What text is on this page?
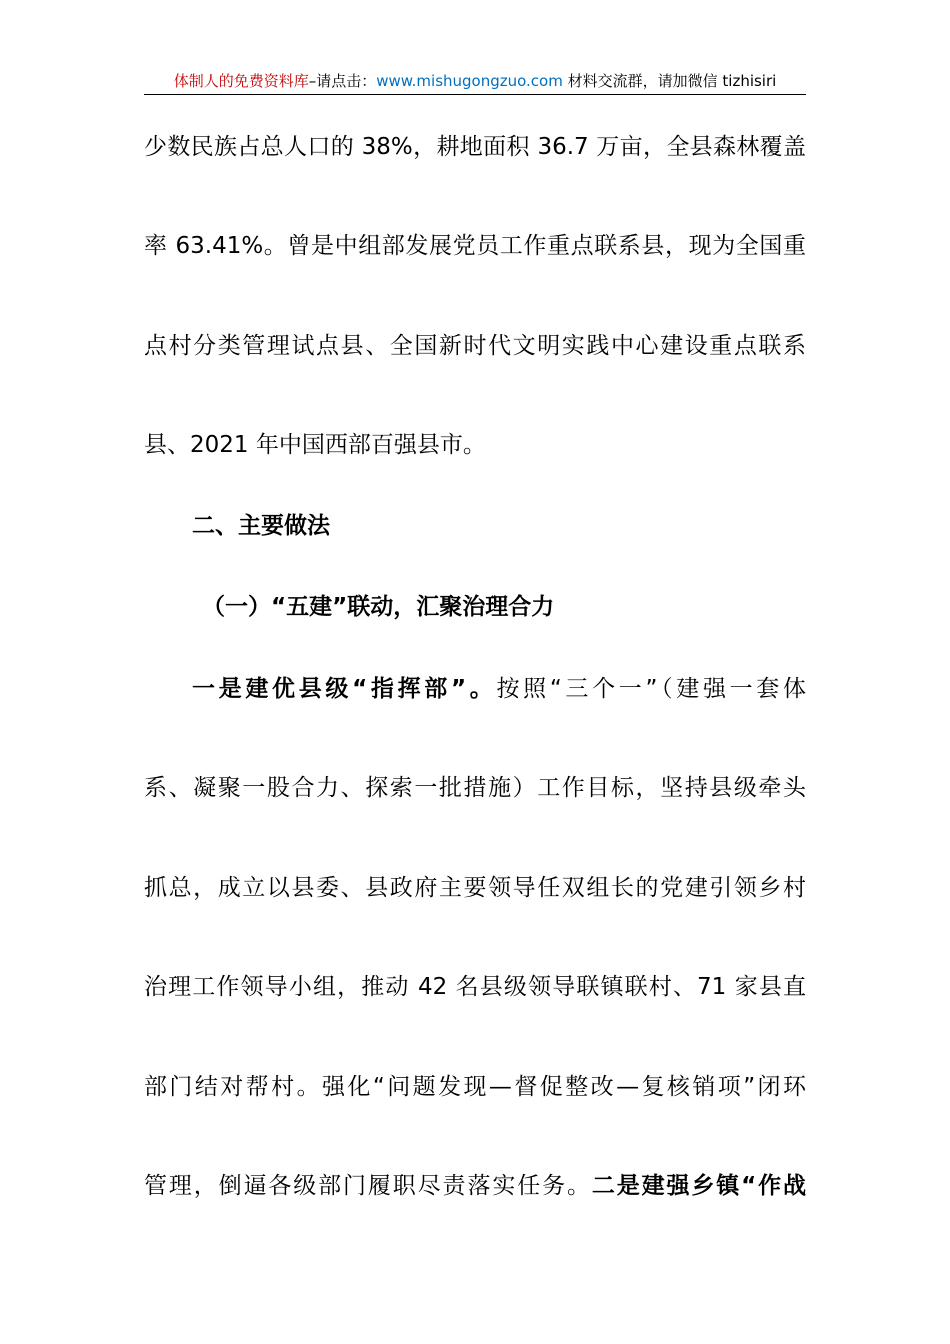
体制人的免费资料库–请点击：www.mishugongzuo.com 材料交流群，请加微信 tizhisiri
少数民族占总人口的 38%，耕地面积 36.7 万亩，全县森林覆盖
率 63.41%。曾是中组部发展党员工作重点联系县，现为全国重
点村分类管理试点县、全国新时代文明实践中心建设重点联系
县、2021 年中国西部百强县市。
二、主要做法
（一）“五建”联动，汇聚治理合力
一是建优县级“指挥部”。按照“三个一”（建强一套体
系、凝聚一股合力、探索一批措施）工作目标，坚持县级牵头
抓总，成立以县委、县政府主要领导任双组长的党建引领乡村
治理工作领导小组，推动 42 名县级领导联镇联村、71 家县直
部门结对帮村。强化“问题发现—督促整改—复核销项”闭环
管理，倒逼各级部门履职尽责落实任务。二是建强乡镇“作战
